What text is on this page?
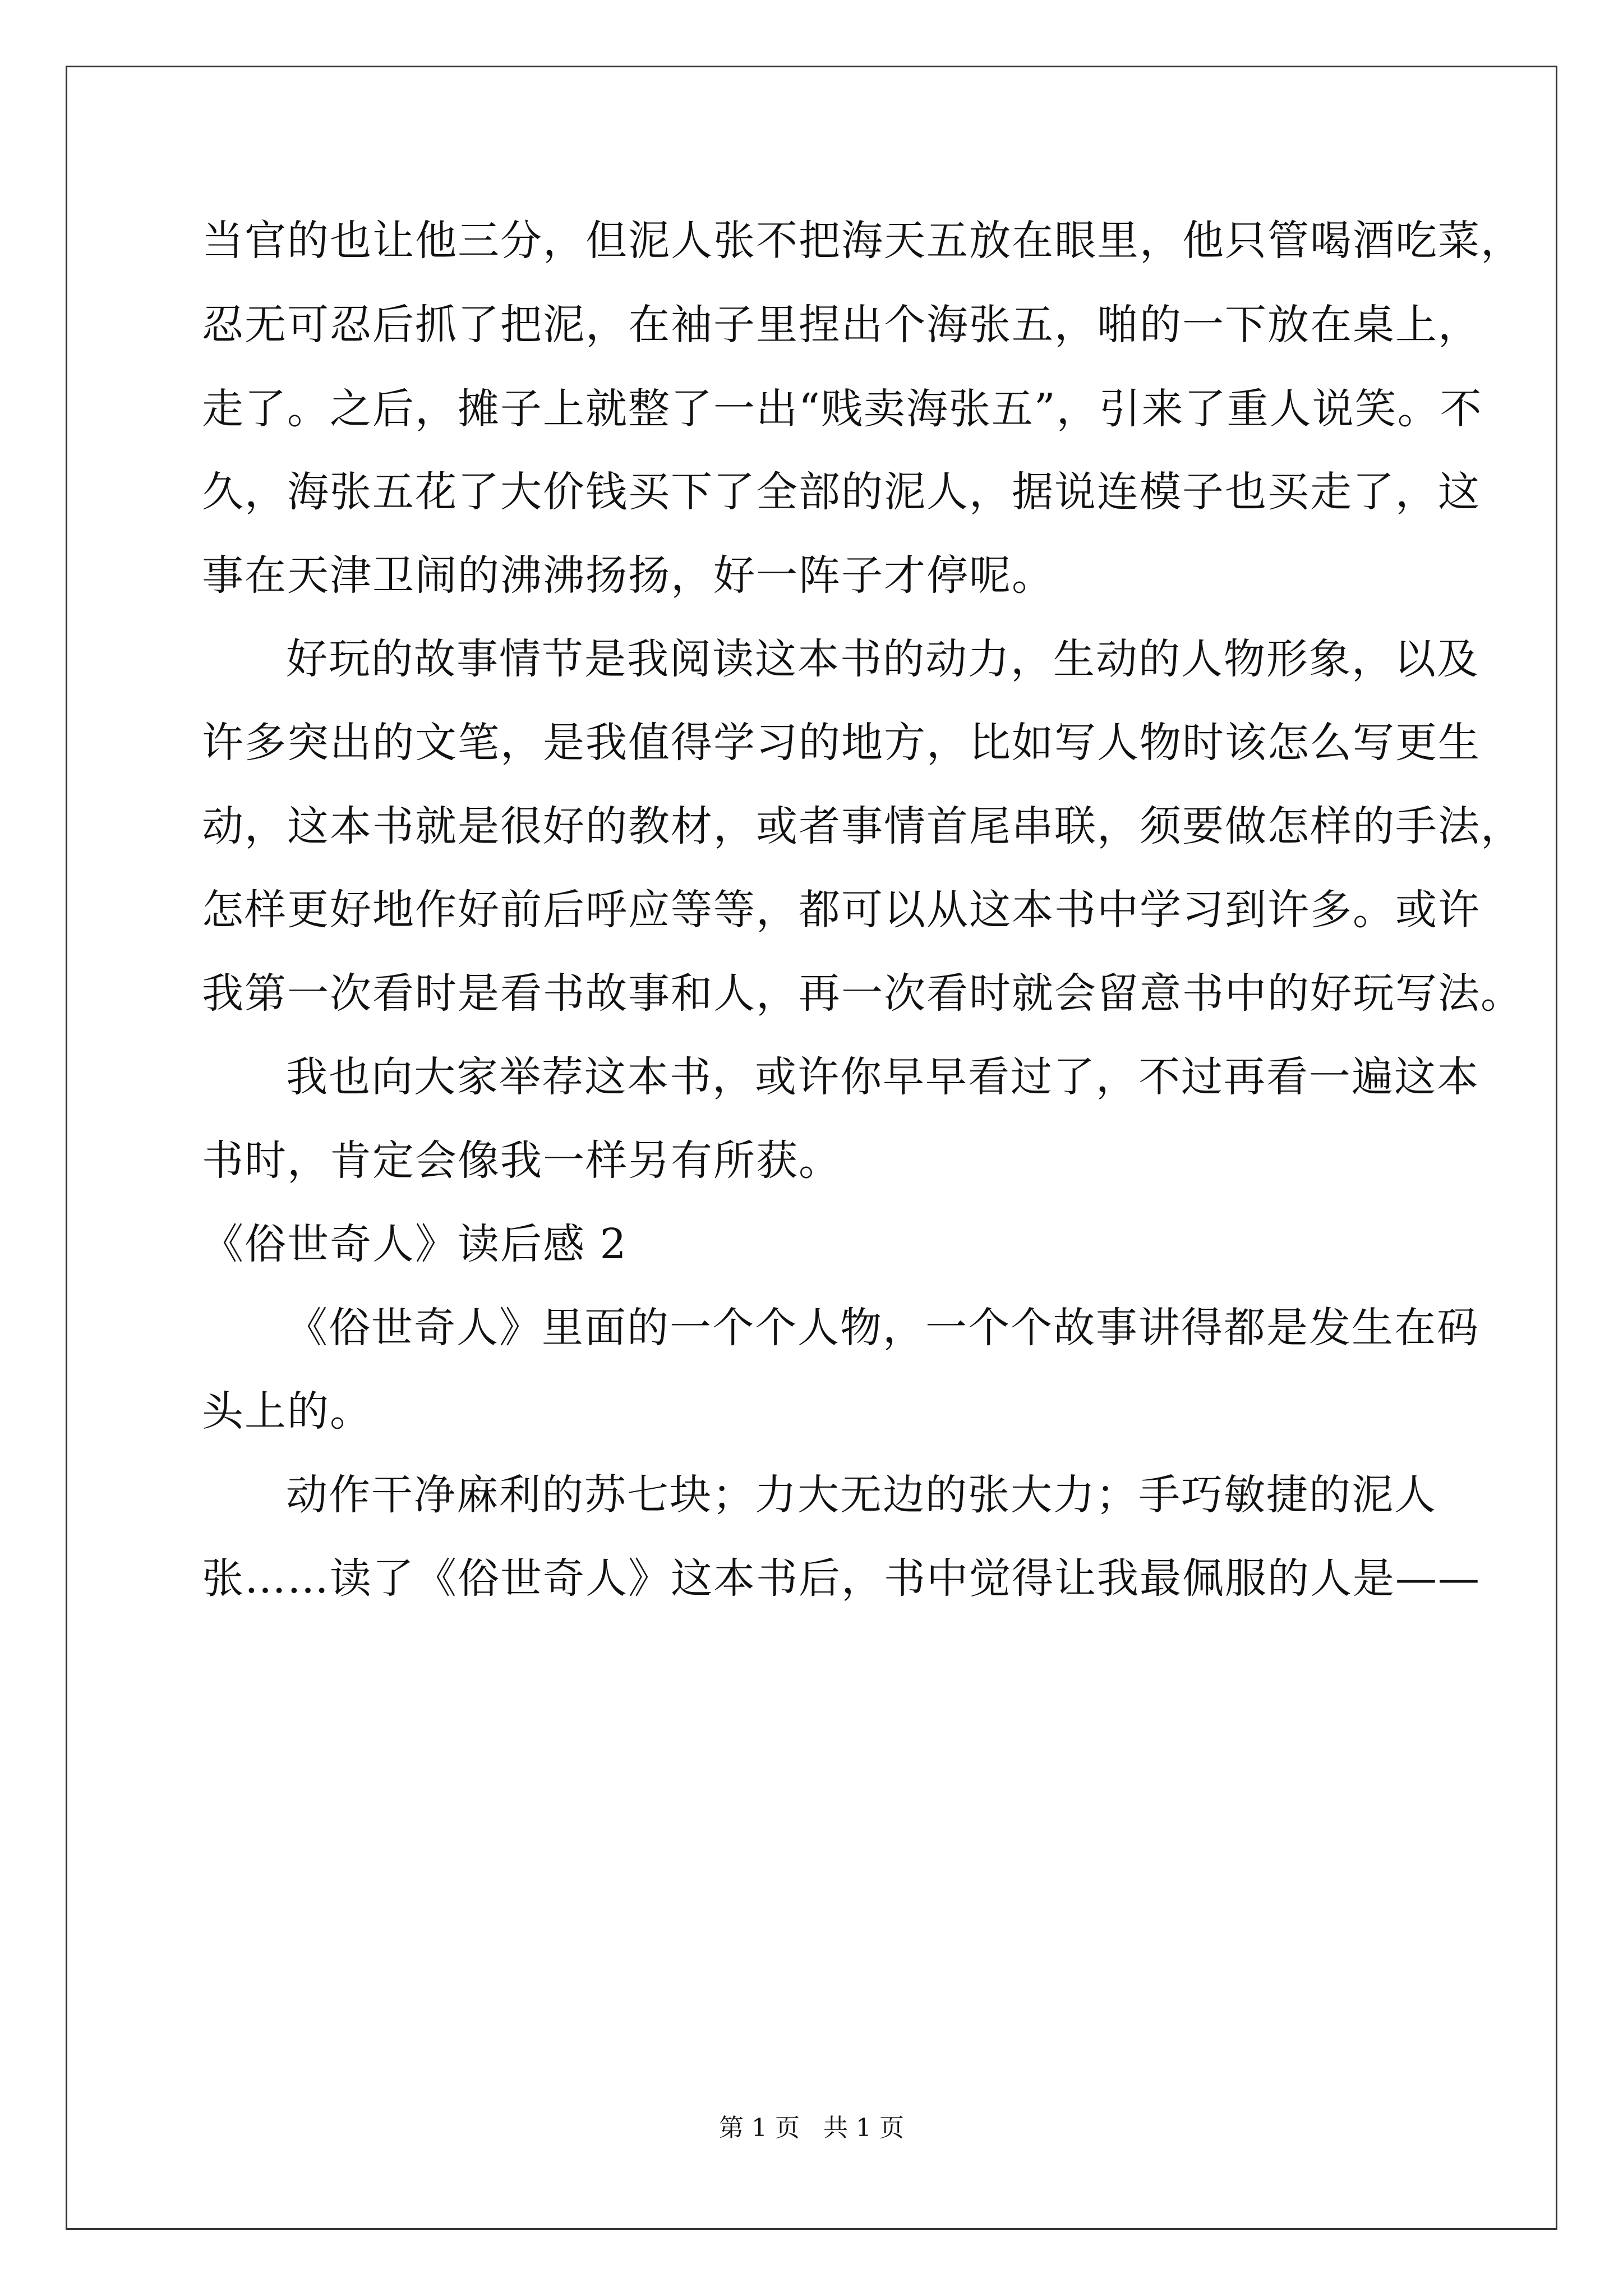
当官的也让他三分，但泥人张不把海天五放在眼里，他只管喝酒吃菜，
忍无可忍后抓了把泥，在袖子里捏出个海张五，啪的一下放在桌上，
走了。之后，摊子上就整了一出“贱卖海张五”，引来了重人说笑。不
久，海张五花了大价钱买下了全部的泥人，据说连模子也买走了，这
事在天津卫闹的沸沸扬扬，好一阵子才停呢。
好玩的故事情节是我阅读这本书的动力，生动的人物形象，以及
许多突出的文笔，是我值得学习的地方，比如写人物时该怎么写更生
动，这本书就是很好的教材，或者事情首尾串联，须要做怎样的手法，
怎样更好地作好前后呼应等等，都可以从这本书中学习到许多。或许
我第一次看时是看书故事和人，再一次看时就会留意书中的好玩写法。
我也向大家举荐这本书，或许你早早看过了，不过再看一遍这本
书时，肯定会像我一样另有所获。
《俗世奇人》读后感 2
《俗世奇人》里面的一个个人物，一个个故事讲得都是发生在码
头上的。
动作干净麻利的苏七块；力大无边的张大力；手巧敏捷的泥人
张……读了《俗世奇人》这本书后，书中觉得让我最佩服的人是——
第 1 页 共 1 页
